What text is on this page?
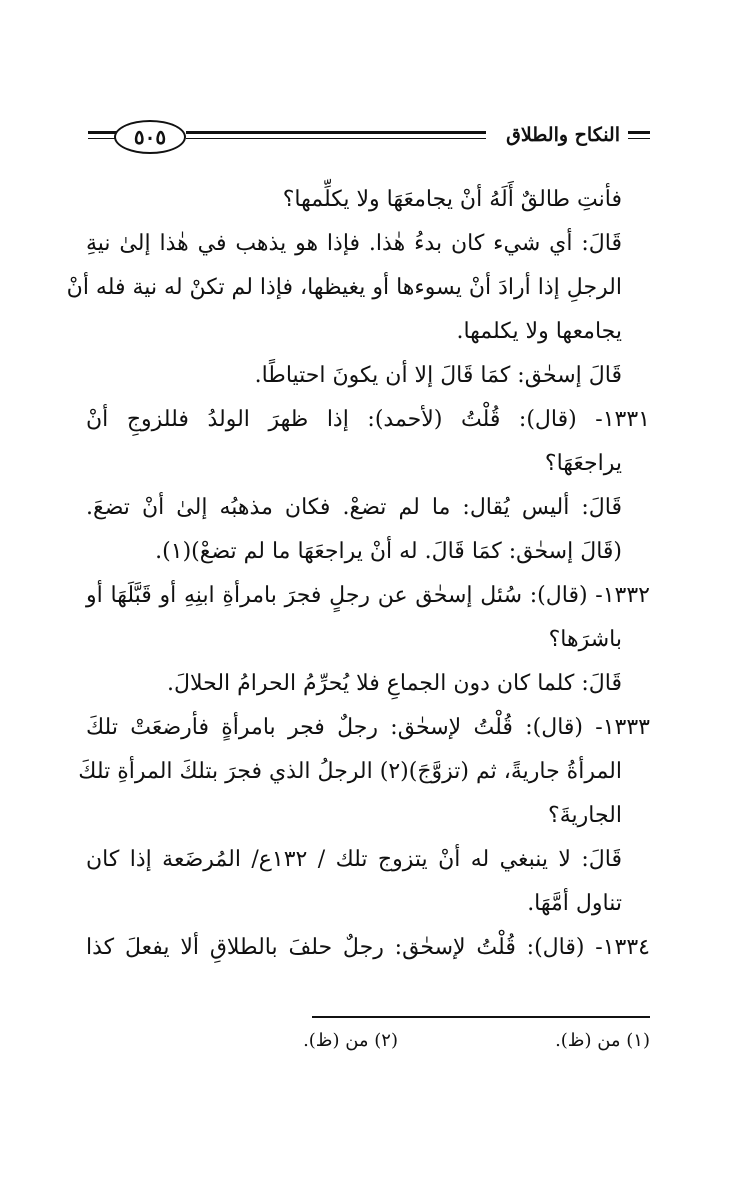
النكاح والطلاق
٥٠٥
فأنتِ طالقٌ أَلَهُ أنْ يجامعَهَا ولا يكلِّمها؟
قَالَ: أي شيء كان بدءُ هٰذا. فإذا هو يذهب في هٰذا إلىٰ نيةِ
الرجلِ إذا أرادَ أنْ يسوءها أو يغيظها، فإذا لم تكنْ له نية فله أنْ
يجامعها ولا يكلمها.
قَالَ إسحٰق: كمَا قَالَ إلا أن يكونَ احتياطًا.
١٣٣١- (قال): قُلْتُ (لأحمد): إذا ظهرَ الولدُ فللزوجِ أنْ
يراجعَهَا؟
قَالَ: أليس يُقال: ما لم تضعْ. فكان مذهبُه إلىٰ أنْ تضعَ.
(قَالَ إسحٰق: كمَا قَالَ. له أنْ يراجعَهَا ما لم تضعْ)(١).
١٣٣٢- (قال): سُئل إسحٰق عن رجلٍ فجرَ بامرأةِ ابنِهِ أو قَبَّلَهَا أو
باشرَها؟
قَالَ: كلما كان دون الجماعِ فلا يُحرِّمُ الحرامُ الحلالَ.
١٣٣٣- (قال): قُلْتُ لإسحٰق: رجلٌ فجر بامرأةٍ فأرضعَتْ تلكَ
المرأةُ جاريةً، ثم (تزوَّجَ)(٢) الرجلُ الذي فجرَ بتلكَ المرأةِ تلكَ
الجاريةَ؟
قَالَ: لا ينبغي له أنْ يتزوج تلك / ١٣٢ع/ المُرضَعة إذا كان
تناول أمَّهَا.
١٣٣٤- (قال): قُلْتُ لإسحٰق: رجلٌ حلفَ بالطلاقِ ألا يفعلَ كذا
(١) من (ظ).
(٢) من (ظ).
